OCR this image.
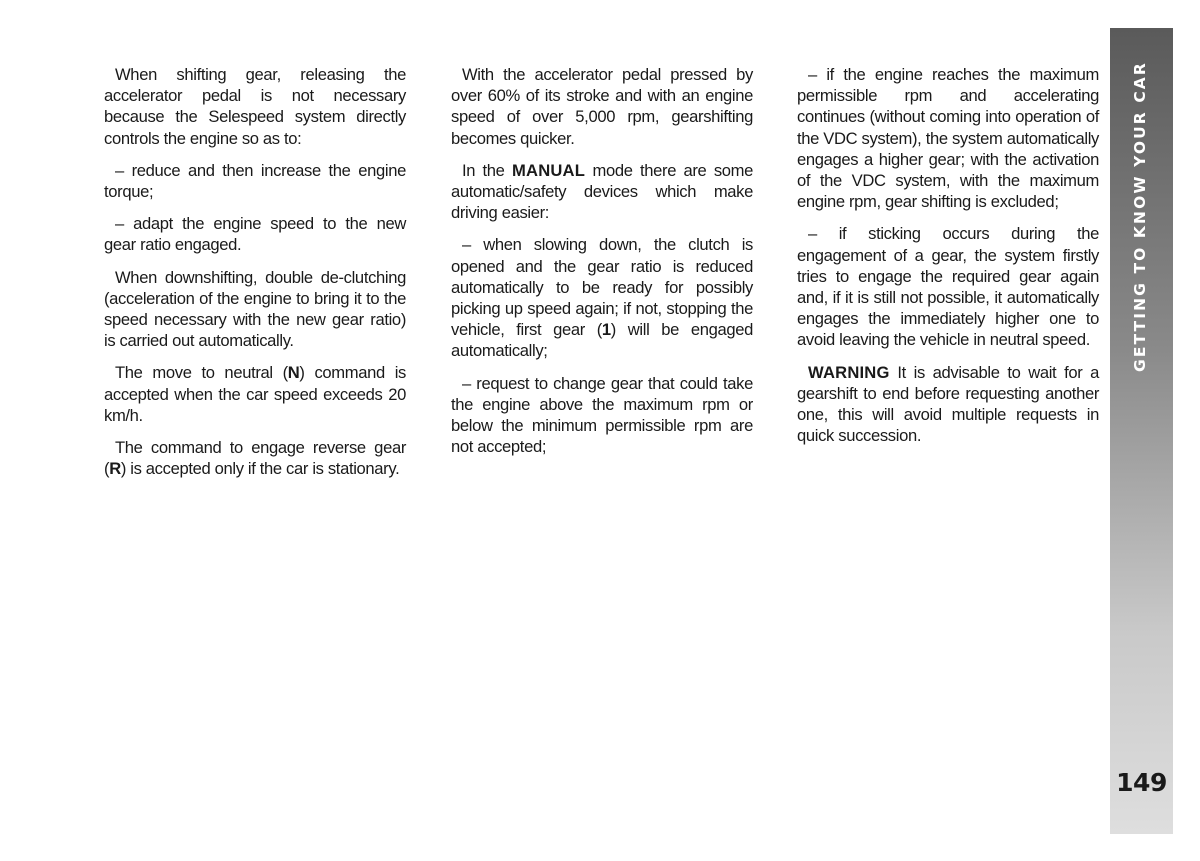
When shifting gear, releasing the accelerator pedal is not necessary because the Selespeed system directly controls the engine so as to:

– reduce and then increase the engine torque;

– adapt the engine speed to the new gear ratio engaged.

When downshifting, double de-clutching (acceleration of the engine to bring it to the speed necessary with the new gear ratio) is carried out automatically.

The move to neutral (N) command is accepted when the car speed exceeds 20 km/h.

The command to engage reverse gear (R) is accepted only if the car is stationary.

With the accelerator pedal pressed by over 60% of its stroke and with an engine speed of over 5,000 rpm, gearshifting becomes quicker.

In the MANUAL mode there are some automatic/safety devices which make driving easier:

– when slowing down, the clutch is opened and the gear ratio is reduced automatically to be ready for possibly picking up speed again; if not, stopping the vehicle, first gear (1) will be engaged automatically;

– request to change gear that could take the engine above the maximum rpm or below the minimum permissible rpm are not accepted;

– if the engine reaches the maximum permissible rpm and accelerating continues (without coming into operation of the VDC system), the system automatically engages a higher gear; with the activation of the VDC system, with the maximum engine rpm, gear shifting is excluded;

– if sticking occurs during the engagement of a gear, the system firstly tries to engage the required gear again and, if it is still not possible, it automatically engages the immediately higher one to avoid leaving the vehicle in neutral speed.

WARNING It is advisable to wait for a gearshift to end before requesting another one, this will avoid multiple requests in quick succession.

GETTING TO KNOW YOUR CAR
149
